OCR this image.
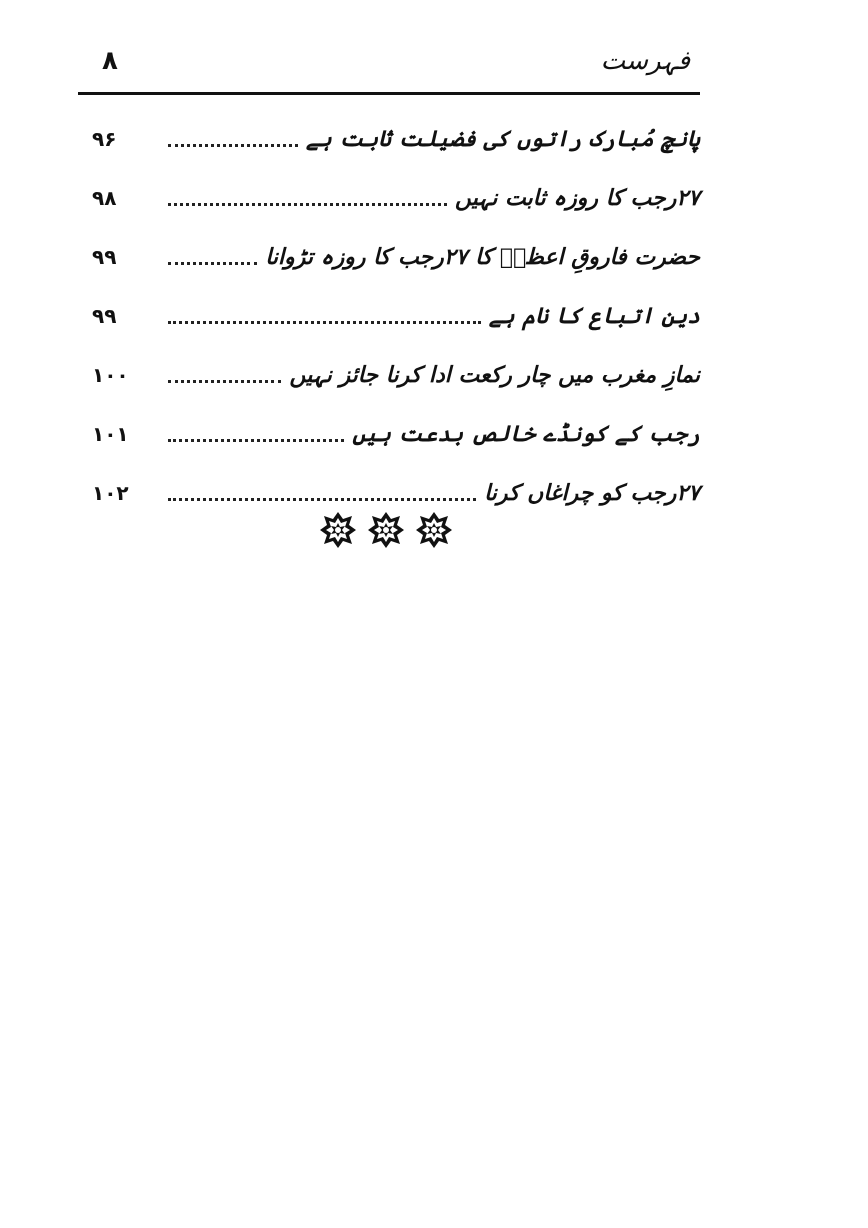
فہرست
۸
پانچ مُبارک راتوں کی فضیلت ثابت ہے
۹۶
۲۷رجب کا روزہ ثابت نہیں
۹۸
حضرت فاروقِ اعظمؓ کا ۲۷رجب کا روزہ تڑوانا
۹۹
دین اتباع کا نام ہے
۹۹
نمازِ مغرب میں چار رکعت ادا کرنا جائز نہیں
۱۰۰
رجب کے کونڈے خالص بدعت ہیں
۱۰۱
۲۷رجب کو چراغاں کرنا
۱۰۲
